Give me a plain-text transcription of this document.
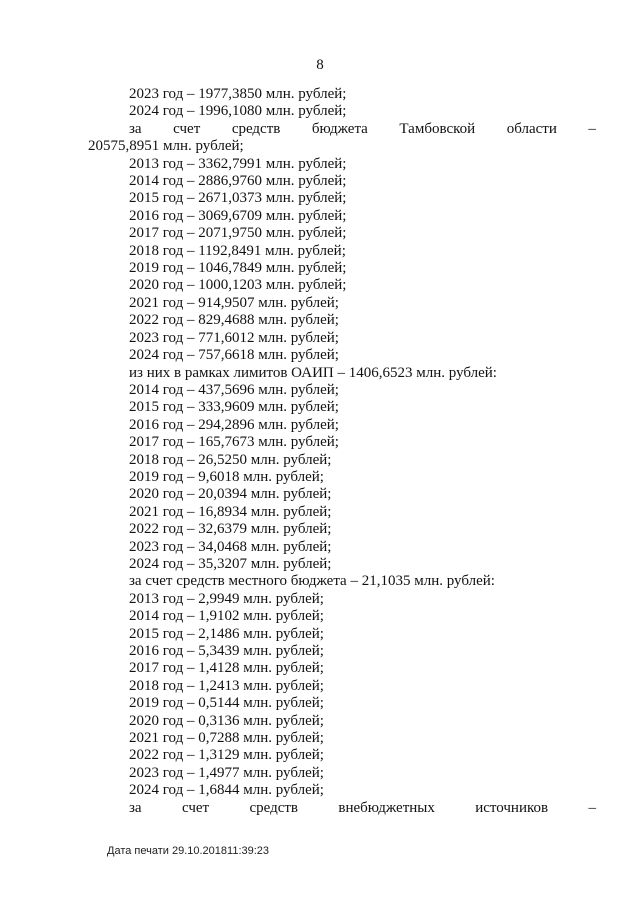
8
2023 год – 1977,3850 млн. рублей;
2024 год – 1996,1080 млн. рублей;
за счет средств бюджета Тамбовской области –
20575,8951 млн. рублей;
2013 год – 3362,7991 млн. рублей;
2014 год – 2886,9760 млн. рублей;
2015 год – 2671,0373 млн. рублей;
2016 год – 3069,6709 млн. рублей;
2017 год – 2071,9750 млн. рублей;
2018 год – 1192,8491 млн. рублей;
2019 год – 1046,7849 млн. рублей;
2020 год – 1000,1203 млн. рублей;
2021 год – 914,9507 млн. рублей;
2022 год – 829,4688 млн. рублей;
2023 год – 771,6012 млн. рублей;
2024 год – 757,6618 млн. рублей;
из них в рамках лимитов ОАИП – 1406,6523 млн. рублей:
2014 год – 437,5696 млн. рублей;
2015 год – 333,9609 млн. рублей;
2016 год – 294,2896 млн. рублей;
2017 год – 165,7673 млн. рублей;
2018 год – 26,5250 млн. рублей;
2019 год – 9,6018 млн. рублей;
2020 год – 20,0394 млн. рублей;
2021 год – 16,8934 млн. рублей;
2022 год – 32,6379 млн. рублей;
2023 год – 34,0468 млн. рублей;
2024 год – 35,3207 млн. рублей;
за счет средств местного бюджета – 21,1035 млн. рублей:
2013 год – 2,9949 млн. рублей;
2014 год – 1,9102 млн. рублей;
2015 год – 2,1486 млн. рублей;
2016 год – 5,3439 млн. рублей;
2017 год – 1,4128 млн. рублей;
2018 год – 1,2413 млн. рублей;
2019 год – 0,5144 млн. рублей;
2020 год – 0,3136 млн. рублей;
2021 год – 0,7288 млн. рублей;
2022 год – 1,3129 млн. рублей;
2023 год – 1,4977 млн. рублей;
2024 год – 1,6844 млн. рублей;
за	счет	средств	внебюджетных	источников	–
Дата печати 29.10.201811:39:23
